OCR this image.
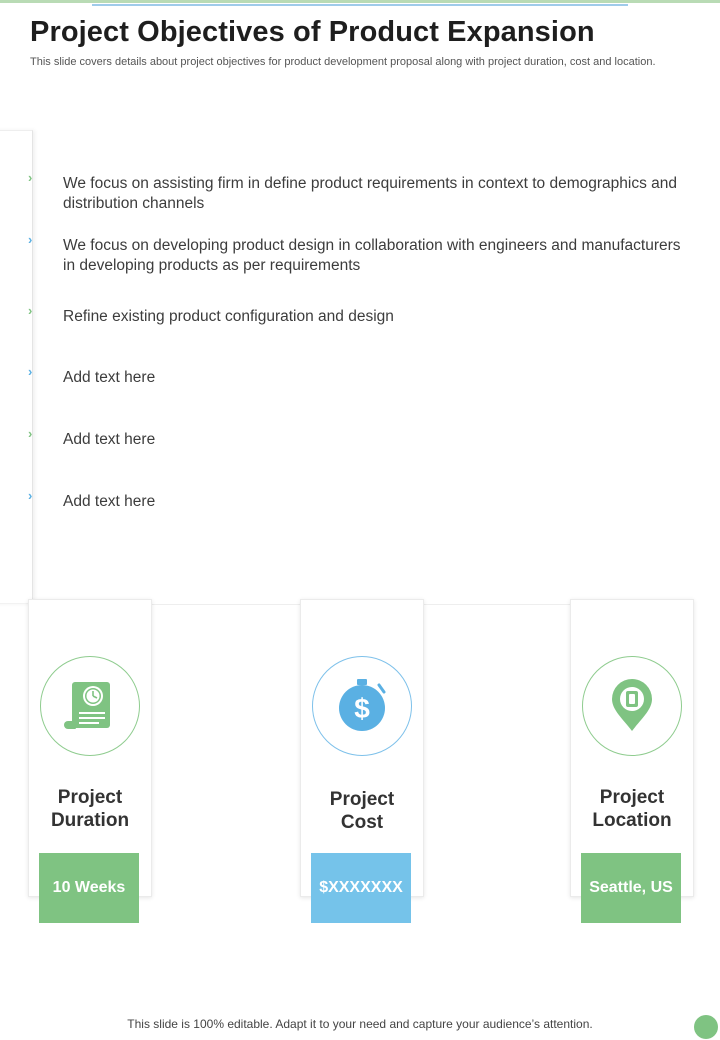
Project Objectives of Product Expansion

This slide covers details about project objectives for product development proposal along with project duration, cost and location.

›	We focus on assisting firm in define product requirements in context to demographics and distribution channels
›	We focus on developing product design in collaboration with engineers and manufacturers in developing products as per requirements
›	Refine existing product configuration and design
›	Add text here
›	Add text here
›	Add text here
Project
Duration
10 Weeks
$
Project
Cost
$XXXXXXX
Project
Location
Seattle, US
This slide is 100% editable. Adapt it to your need and capture your audience’s attention.
